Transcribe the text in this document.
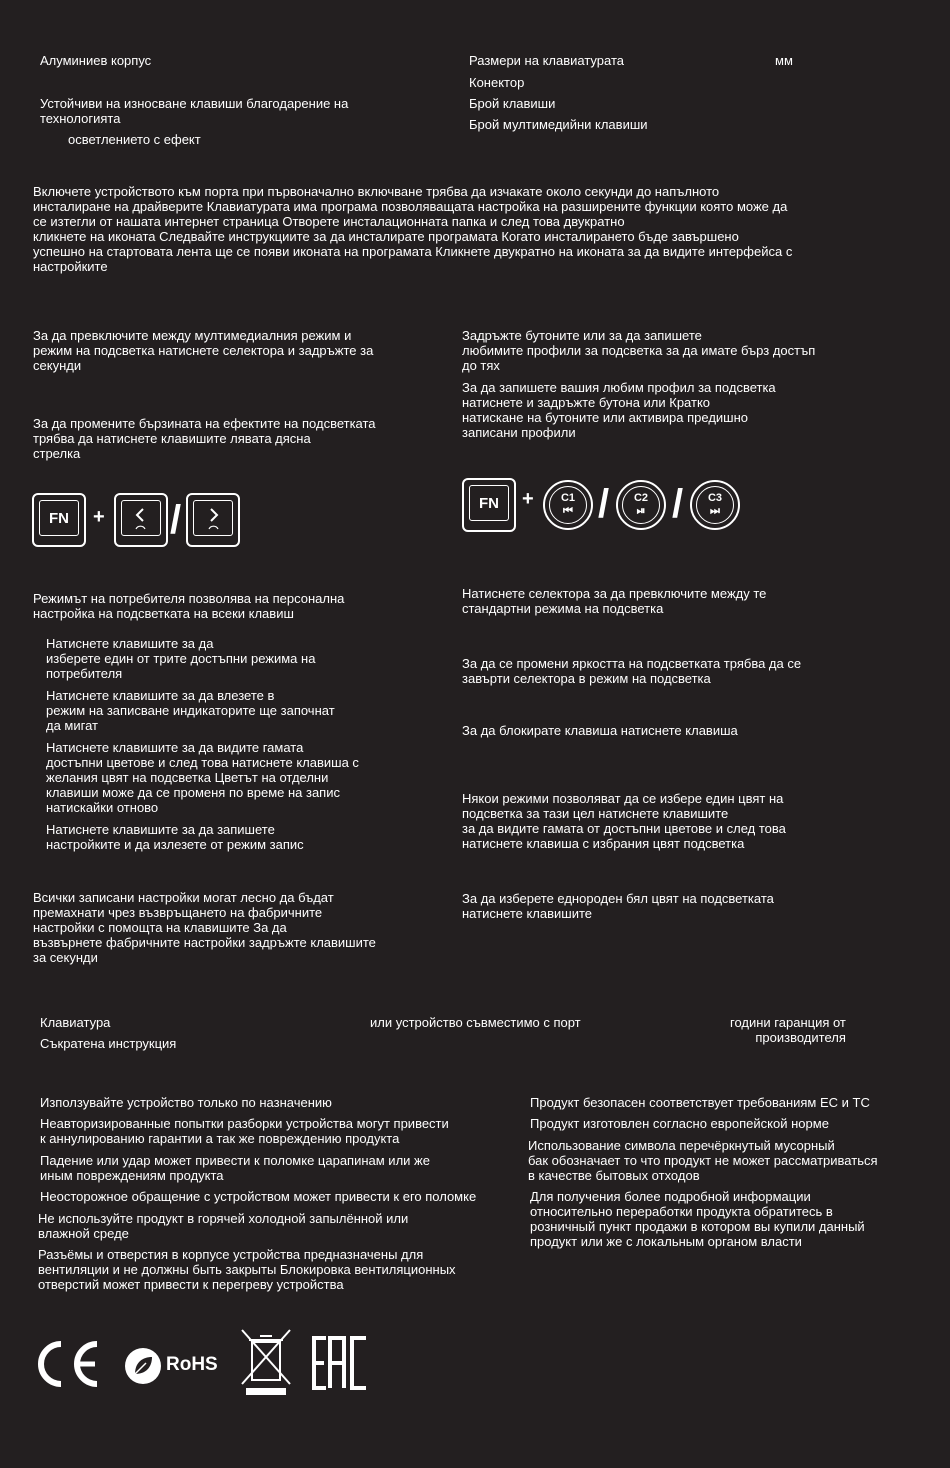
Алуминиев корпус
Устойчиви на износване клавиши благодарение на
технологията
осветлението с ефект
Размери на клавиатурата	мм
Конектор
Брой клавиши
Брой мултимедийни клавиши
Включете устройството към порта при първоначално включване трябва да изчакате около секунди до напълното
инсталиране на драйверите Клавиатурата има програма позволяващата настройка на разширените функции която може да
се изтегли от нашата интернет страница Отворете инсталационната папка и след това двукратно
кликнете на иконата Следвайте инструкциите за да инсталирате програмата Когато инсталирането бъде завършено
успешно на стартовата лента ще се появи иконата на програмата Кликнете двукратно на иконата за да видите интерфейса с
настройките
За да превключите между мултимедиалния режим и
режим на подсветка натиснете селектора и задръжте за
секунди
За да промените бързината на ефектите на подсветката
трябва да натиснете клавишите лявата дясна
стрелка
Задръжте бутоните или за да запишете
любимите профили за подсветка за да имате бърз достъп
до тях
За да запишете вашия любим профил за подсветка
натиснете и задръжте бутона или Кратко
натискане на бутоните или активира предишно
записани профили
FN	+ /	FN	+ C1
⏮ / C2
⏯ / C3
⏭
Режимът на потребителя позволява на персонална
настройка на подсветката на всеки клавиш
Натиснете клавишите за да
изберете един от трите достъпни режима на
потребителя
Натиснете клавишите за да влезете в
режим на записване индикаторите ще започнат
да мигат
Натиснете клавишите за да видите гамата
достъпни цветове и след това натиснете клавиша с
желания цвят на подсветка Цветът на отделни
клавиши може да се променя по време на запис
натискайки отново
Натиснете клавишите за да запишете
настройките и да излезете от режим запис
Всички записани настройки могат лесно да бъдат
премахнати чрез възвръщането на фабричните
настройки с помощта на клавишите За да
възвърнете фабричните настройки задръжте клавишите
за секунди
Натиснете селектора за да превключите между те
стандартни режима на подсветка
За да се промени яркостта на подсветката трябва да се
завърти селектора в режим на подсветка
За да блокирате клавиша натиснете клавиша
Някои режими позволяват да се избере един цвят на
подсветка за тази цел натиснете клавишите
за да видите гамата от достъпни цветове и след това
натиснете клавиша с избрания цвят подсветка
За да изберете еднороден бял цвят на подсветката
натиснете клавишите
Клавиатура
Съкратена инструкция
или устройство съвместимо с порт	години гаранция от
производителя
Използувайте устройство только по назначению
Неавторизированные попытки разборки устройства могут привести
к аннулированию гарантии а так же повреждению продукта
Падение или удар может привести к поломке царапинам или же
иным повреждениям продукта
Неосторожное обращение с устройством может привести к его поломке
Не используйте продукт в горячей холодной запылённой или
влажной среде
Разъёмы и отверстия в корпусе устройства предназначены для
вентиляции и не должны быть закрыты Блокировка вентиляционных
отверстий может привести к перегреву устройства
Продукт безопасен соответствует требованиям ЕС и ТС
Продукт изготовлен согласно европейской норме
Использование символа перечёркнутый мусорный
бак обозначает то что продукт не может рассматриваться
в качестве бытовых отходов
Для получения более подробной информации
относительно переработки продукта обратитесь в
розничный пункт продажи в котором вы купили данный
продукт или же с локальным органом власти
RoHS
